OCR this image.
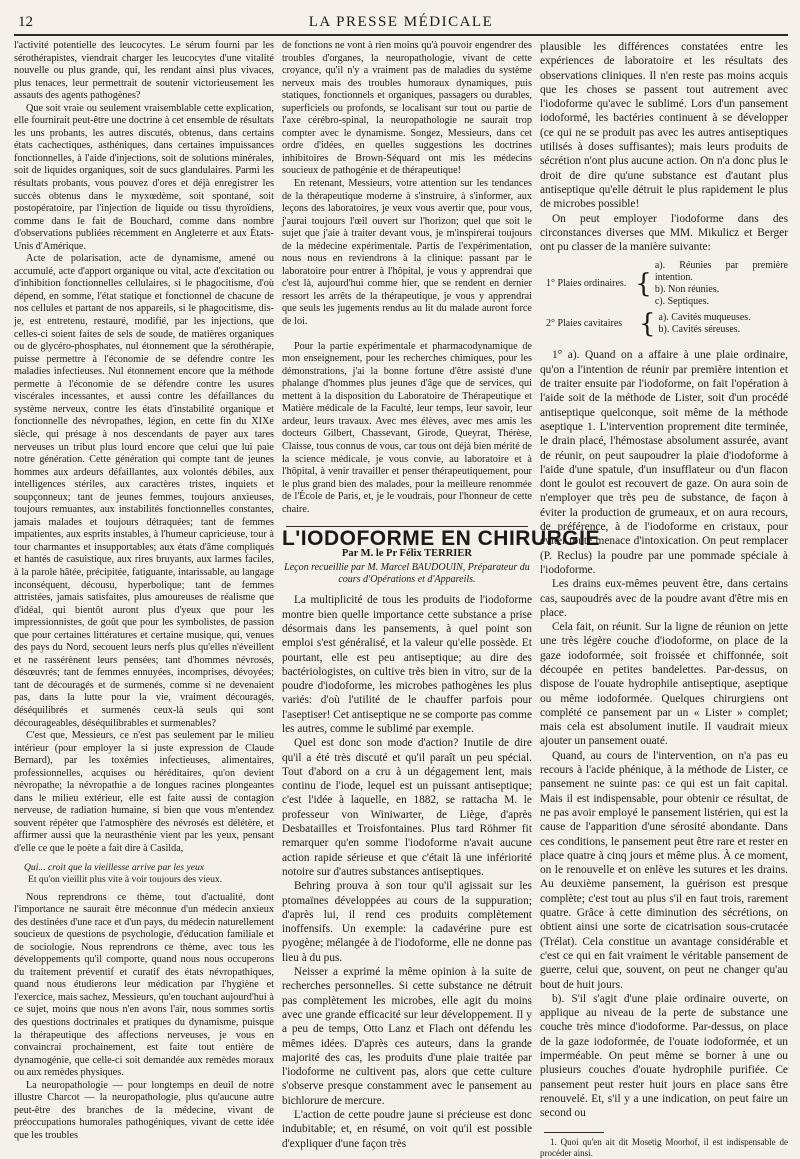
12	LA PRESSE MÉDICALE

l'activité potentielle des leucocytes. Le sérum fourni par les sérothérapistes, viendrait charger les leucocytes d'une vitalité nouvelle ou plus grande, qui, les rendant ainsi plus vivaces, plus tenaces, leur permettrait de soutenir victorieusement les assauts des agents pathogènes?

Que soit vraie ou seulement vraisemblable cette explication, elle fournirait peut-être une doctrine à cet ensemble de résultats les uns probants, les autres discutés, obtenus, dans certains états cachectiques, asthéniques, dans certaines impuissances fonctionnelles, à l'aide d'injections, soit de solutions minérales, soit de liquides organiques, soit de sucs glandulaires. Parmi les résultats probants, vous pouvez d'ores et déjà enregistrer les succès obtenus dans le myxœdème, soit spontané, soit postopératoire, par l'injection de liquide ou tissu thyroïdiens, comme dans le fait de Bouchard, comme dans nombre d'observations publiées récemment en Angleterre et aux États-Unis d'Amérique.

Acte de polarisation, acte de dynamisme, amené ou accumulé, acte d'apport organique ou vital, acte d'excitation ou d'inhibition fonctionnelles cellulaires, si le phagocitisme, d'où dépend, en somme, l'état statique et fonctionnel de chacune de nos cellules et partant de nos appareils, si le phagocitisme, dis-je, est entretenu, restauré, modifié, par les injections, que celles-ci soient faites de sels de soude, de matières organiques ou de glycéro-phosphates, nul étonnement que la sérothérapie, puisse permettre à l'économie de se défendre contre les maladies infectieuses. Nul étonnement encore que la méthode permette à l'économie de se défendre contre les usures viscérales incessantes, et aussi contre les défaillances du système nerveux, contre les états d'instabilité organique et fonctionnelle des névropathes, légion, en cette fin du XIXe siècle, qui présage à nos descendants de payer aux tares nerveuses un tribut plus lourd encore que celui que lui paie notre génération. Cette génération qui compte tant de jeunes hommes aux ardeurs défaillantes, aux volontés débiles, aux intelligences stériles, aux caractères tristes, inquiets et soupçonneux; tant de jeunes femmes, toujours anxieuses, toujours remuantes, aux instabilités fonctionnelles constantes, jamais malades et toujours détraquées; tant de femmes impatientes, aux esprits instables, à l'humeur capricieuse, tour à tour charmantes et insupportables; aux états d'âme compliqués et hantés de casuistique, aux rires bruyants, aux larmes faciles, à la parole hâtée, précipitée, fatiguante, intarissable, au langage inconséquent, décousu, hyperbolique; tant de femmes attristées, jamais satisfaites, plus amoureuses de réalisme que d'idéal, qui bientôt auront plus d'yeux que pour les impressionnistes, de goût que pour les symbolistes, de passion que pour certaines littératures et certaine musique, qui, venues des pays du Nord, secouent leurs nerfs plus qu'elles n'éveillent et ne rassérènent leurs pensées; tant d'hommes névrosés, désœuvrés; tant de femmes ennuyées, incomprises, dévoyées; tant de découragés et de surmenés, comme si ne devenaient pas, dans la lutte pour la vie, vraiment découragés, déséquilibrés et surmenés ceux-là seuls qui sont décourageables, déséquilibrables et surmenables?

C'est que, Messieurs, ce n'est pas seulement par le milieu intérieur (pour employer la si juste expression de Claude Bernard), par les toxémies infectieuses, alimentaires, professionnelles, acquises ou héréditaires, qu'on devient névropathe; la névropathie a de longues racines plongeantes dans le milieu extérieur, elle est faite aussi de contagion nerveuse, de radiation humaine, si bien que vous m'entendez souvent répéter que l'atmosphère des névrosés est délétère, et affirmer aussi que la neurasthénie vient par les yeux, pensant d'elle ce que le poète a fait dire à Casilda,

Qui... croit que la vieillesse arrive par les yeux
Et qu'on vieillit plus vite à voir toujours des vieux.

Nous reprendrons ce thème, tout d'actualité, dont l'importance ne saurait être méconnue d'un médecin anxieux des destinées d'une race et d'un pays, du médecin naturellement soucieux de questions de psychologie, d'éducation familiale et de sociologie. Nous reprendrons ce thème, avec tous les développements qu'il comporte, quand nous nous occuperons du traitement préventif et curatif des états névropathiques, quand nous étudierons leur médication par l'hygiène et l'exercice, mais sachez, Messieurs, qu'en touchant aujourd'hui à ce sujet, moins que nous n'en avons l'air, nous sommes sortis des questions doctrinales et pratiques du dynamisme, puisque la thérapeutique des affections nerveuses, je vous en convaincrai prochainement, est faite tout entière de dynamogénie, que celle-ci soit demandée aux remèdes moraux ou aux remèdes physiques.

La neuropathologie — pour longtemps en deuil de notre illustre Charcot — la neuropathologie, plus qu'aucune autre peut-être des branches de la médecine, vivant de préoccupations humorales pathogéniques, vivant de cette idée que les troubles

de fonctions ne vont à rien moins qu'à pouvoir engendrer des troubles d'organes, la neuropathologie, vivant de cette croyance, qu'il n'y a vraiment pas de maladies du système nerveux mais des troubles humoraux dynamiques, puis statiques, fonctionnels et organiques, passagers ou durables, superficiels ou profonds, se localisant sur tout ou partie de l'axe cérébro-spinal, la neuropathologie ne saurait trop compter avec le dynamisme. Songez, Messieurs, dans cet ordre d'idées, en quelles suggestions les doctrines inhibitoires de Brown-Séquard ont mis les médecins soucieux de pathogénie et de thérapeutique!

En retenant, Messieurs, votre attention sur les tendances de la thérapeutique moderne à s'instruire, à s'informer, aux leçons des laboratoires, je veux vous avertir que, pour vous, j'aurai toujours l'œil ouvert sur l'horizon; quel que soit le sujet que j'aie à traiter devant vous, je m'inspirerai toujours de la médecine expérimentale. Partis de l'expérimentation, nous nous en reviendrons à la clinique: passant par le laboratoire pour entrer à l'hôpital, je vous y apprendrai que c'est là, aujourd'hui comme hier, que se rendent en dernier ressort les arrêts de la thérapeutique, je vous y apprendrai que seuls les jugements rendus au lit du malade auront force de loi.

Pour la partie expérimentale et pharmacodynamique de mon enseignement, pour les recherches chimiques, pour les démonstrations, j'ai la bonne fortune d'être assisté d'une phalange d'hommes plus jeunes d'âge que de services, qui mettent à la disposition du Laboratoire de Thérapeutique et Matière médicale de la Faculté, leur temps, leur savoir, leur ardeur, leurs travaux. Avec mes élèves, avec mes amis les docteurs Gilbert, Chassevant, Girode, Queyrat, Thérèse, Claisse, tous connus de vous, car tous ont déjà bien mérité de la science médicale, je vous convie, au laboratoire et à l'hôpital, à venir travailler et penser thérapeutiquement, pour le plus grand bien des malades, pour la meilleure renommée de l'École de Paris, et, je le voudrais, pour l'honneur de cette chaire.

L'IODOFORME EN CHIRURGIE
Par M. le Pr Félix TERRIER
Leçon recueillie par M. Marcel BAUDOUIN, Préparateur du cours d'Opérations et d'Appareils.

La multiplicité de tous les produits de l'iodoforme montre bien quelle importance cette substance a prise désormais dans les pansements, à quel point son emploi s'est généralisé, et la valeur qu'elle possède. Et pourtant, elle est peu antiseptique; au dire des bactériologistes, on cultive très bien in vitro, sur de la poudre d'iodoforme, les microbes pathogènes les plus variés: d'où l'utilité de le chauffer parfois pour l'aseptiser! Cet antiseptique ne se comporte pas comme les autres, comme le sublimé par exemple.

Quel est donc son mode d'action? Inutile de dire qu'il a été très discuté et qu'il paraît un peu spécial. Tout d'abord on a cru à un dégagement lent, mais continu de l'iode, lequel est un puissant antiseptique; c'est l'idée à laquelle, en 1882, se rattacha M. le professeur von Winiwarter, de Liège, d'après Desbatailles et Troisfontaines. Plus tard Röhmer fit remarquer qu'en somme l'iodoforme n'avait aucune action rapide sérieuse et que c'était là une infériorité notoire sur d'autres substances antiseptiques.

Behring prouva à son tour qu'il agissait sur les ptomaïnes développées au cours de la suppuration; d'après lui, il rend ces produits complètement inoffensifs. Un exemple: la cadavérine pure est pyogène; mélangée à de l'iodoforme, elle ne donne pas lieu à du pus.

Neisser a exprimé la même opinion à la suite de recherches personnelles. Si cette substance ne détruit pas complètement les microbes, elle agit du moins avec une grande efficacité sur leur développement. Il y a peu de temps, Otto Lanz et Flach ont défendu les mêmes idées. D'après ces auteurs, dans la grande majorité des cas, les produits d'une plaie traitée par l'iodoforme ne cultivent pas, alors que cette culture s'observe presque constamment avec le pansement au bichlorure de mercure.

L'action de cette poudre jaune si précieuse est donc indubitable; et, en résumé, on voit qu'il est possible d'expliquer d'une façon très

plausible les différences constatées entre les expériences de laboratoire et les résultats des observations cliniques. Il n'en reste pas moins acquis que les choses se passent tout autrement avec l'iodoforme qu'avec le sublimé. Lors d'un pansement iodoformé, les bactéries continuent à se développer (ce qui ne se produit pas avec les autres antiseptiques utilisés à doses suffisantes); mais leurs produits de sécrétion n'ont plus aucune action. On n'a donc plus le droit de dire qu'une substance est d'autant plus antiseptique qu'elle détruit le plus rapidement le plus de microbes possible!

On peut employer l'iodoforme dans des circonstances diverses que MM. Mikulicz et Berger ont pu classer de la manière suivante:

1° Plaies ordinaires. {
a). Réunies par première intention.
b). Non réunies.
c). Septiques.
2° Plaies cavitaires { a). Cavités muqueuses.
b). Cavités séreuses.

1° a). Quand on a affaire à une plaie ordinaire, qu'on a l'intention de réunir par première intention et de traiter ensuite par l'iodoforme, on fait l'opération à l'aide soit de la méthode de Lister, soit d'un procédé antiseptique quelconque, soit même de la méthode aseptique 1. L'intervention proprement dite terminée, le drain placé, l'hémostase absolument assurée, avant de réunir, on peut saupoudrer la plaie d'iodoforme à l'aide d'une spatule, d'un insufflateur ou d'un flacon dont le goulot est recouvert de gaze. On aura soin de n'employer que très peu de substance, de façon à éviter la production de grumeaux, et on aura recours, de préférence, à de l'iodoforme en cristaux, pour éviter toute menace d'intoxication. On peut remplacer (P. Reclus) la poudre par une pommade spéciale à l'iodoforme.

Les drains eux-mêmes peuvent être, dans certains cas, saupoudrés avec de la poudre avant d'être mis en place.

Cela fait, on réunit. Sur la ligne de réunion on jette une très légère couche d'iodoforme, on place de la gaze iodoformée, soit froissée et chiffonnée, soit découpée en petites bandelettes. Par-dessus, on dispose de l'ouate hydrophile antiseptique, aseptique ou même iodoformée. Quelques chirurgiens ont complété ce pansement par un « Lister » complet; mais cela est absolument inutile. Il vaudrait mieux ajouter un pansement ouaté.

Quand, au cours de l'intervention, on n'a pas eu recours à l'acide phénique, à la méthode de Lister, ce pansement ne suinte pas: ce qui est un fait capital. Mais il est indispensable, pour obtenir ce résultat, de ne pas avoir employé le pansement listérien, qui est la cause de l'apparition d'une sérosité abondante. Dans ces conditions, le pansement peut être rare et rester en place quatre à cinq jours et même plus. À ce moment, on le renouvelle et on enlève les sutures et les drains. Au deuxième pansement, la guérison est presque complète; c'est tout au plus s'il en faut trois, rarement quatre. Grâce à cette diminution des sécrétions, on obtient ainsi une sorte de cicatrisation sous-crutacée (Trélat). Cela constitue un avantage considérable et c'est ce qui en fait vraiment le véritable pansement de guerre, celui que, souvent, on peut ne changer qu'au bout de huit jours.

b). S'il s'agit d'une plaie ordinaire ouverte, on applique au niveau de la perte de substance une couche très mince d'iodoforme. Par-dessus, on place de la gaze iodoformée, de l'ouate iodoformée, et un imperméable. On peut même se borner à une ou plusieurs couches d'ouate hydrophile purifiée. Ce pansement peut rester huit jours en place sans être renouvelé. Et, s'il y a une indication, on peut faire un second ou

1. Quoi qu'en ait dit Mosetig Moorhof, il est indispensable de procéder ainsi.
